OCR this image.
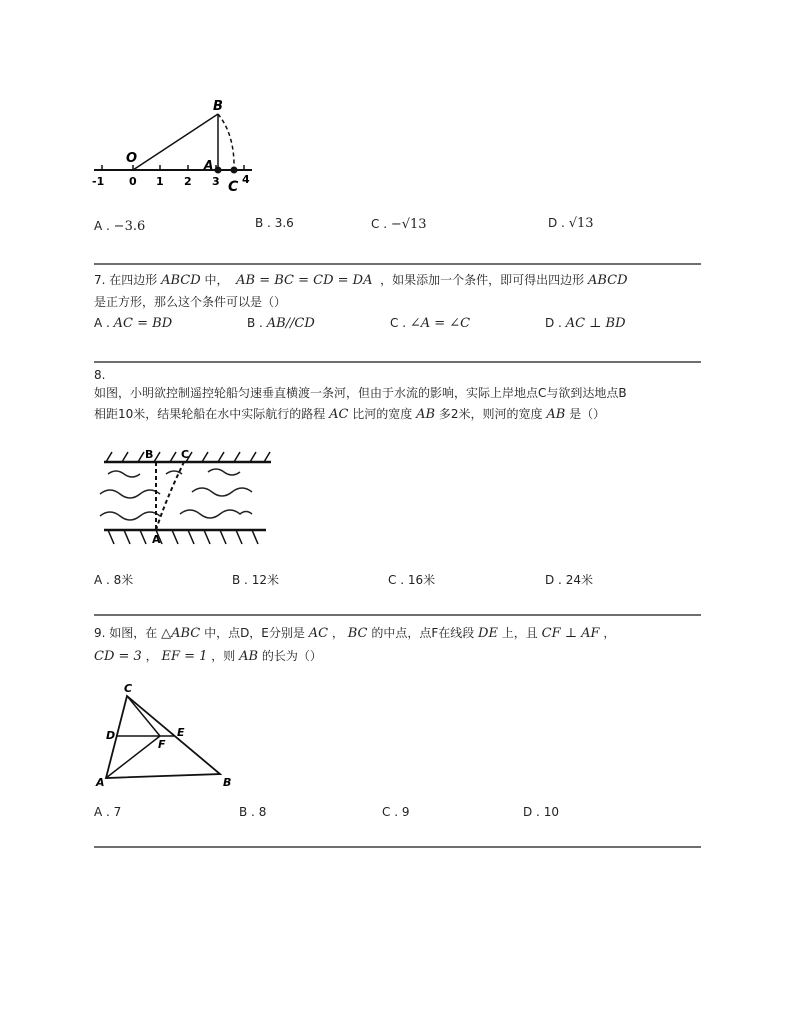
O	A
B
C
-1 0 1 2 3 4
A . −3.6	B . 3.6	C . −√13	D . √13
7. 在四边形 ABCD 中， AB = BC = CD = DA ，如果添加一个条件，即可得出四边形 ABCD
是正方形，那么这个条件可以是（）
A . AC = BD	B . AB//CD	C . ∠A = ∠C	D . AC ⊥ BD
8.
如图，小明欲控制遥控轮船匀速垂直横渡一条河，但由于水流的影响，实际上岸地点C与欲到达地点B
相距10米，结果轮船在水中实际航行的路程 AC 比河的宽度 AB 多2米，则河的宽度 AB 是（）
B	C
A
A . 8米	B . 12米	C . 16米	D . 24米
9. 如图，在 △ABC 中，点D，E分别是 AC ， BC 的中点，点F在线段 DE 上，且 CF ⊥ AF ，
CD = 3 ， EF = 1 ，则 AB 的长为（）
C
D	E
F
A	B
A . 7	B . 8	C . 9	D . 10
